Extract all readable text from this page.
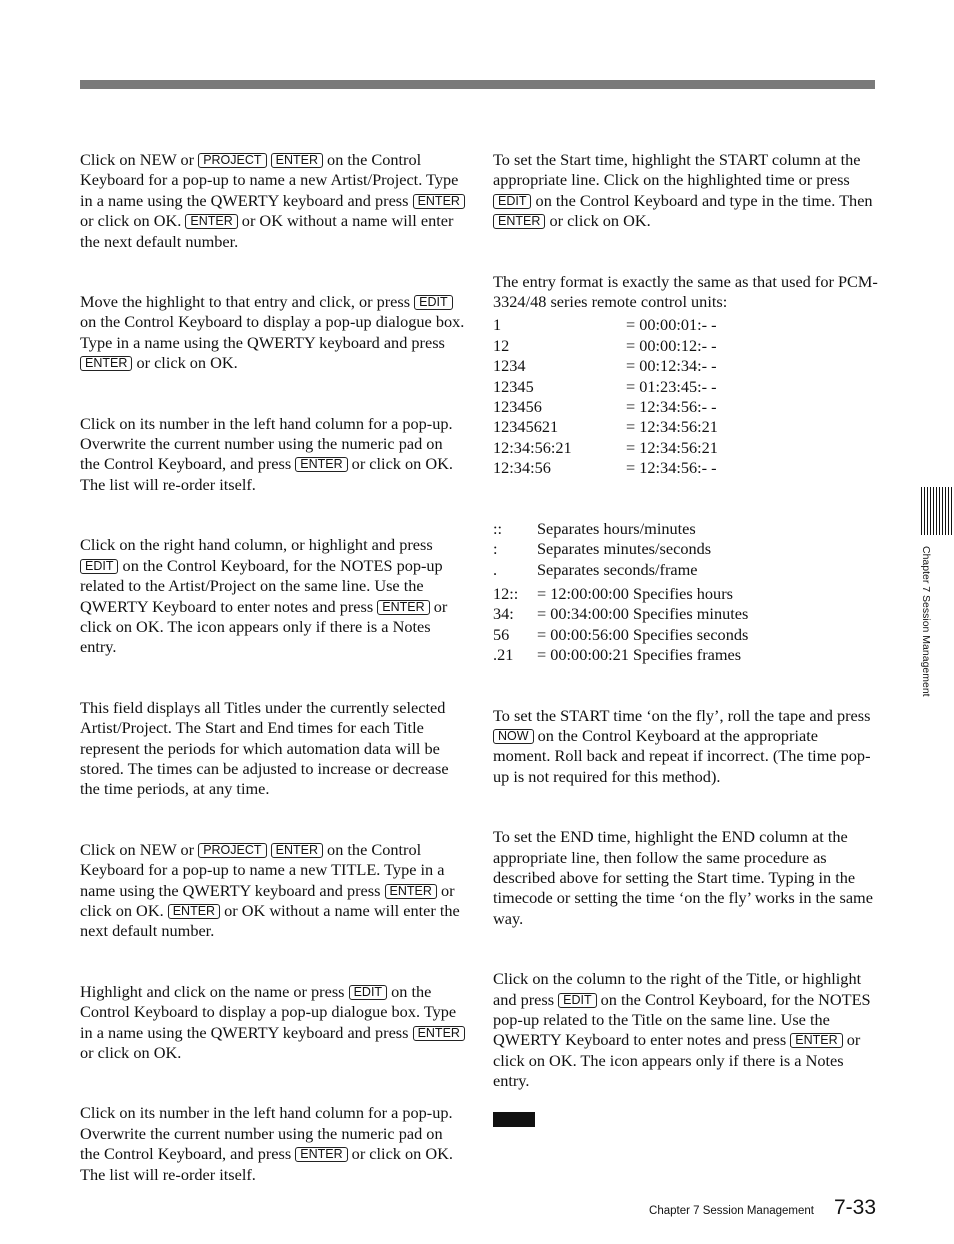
Click on NEW or PROJECT ENTER on the Control Keyboard for a pop-up to name a new Artist/Project. Type in a name using the QWERTY keyboard and press ENTER or click on OK. ENTER or OK without a name will enter the next default number.

Move the highlight to that entry and click, or press EDIT on the Control Keyboard to display a pop-up dialogue box. Type in a name using the QWERTY keyboard and press ENTER or click on OK.

Click on its number in the left hand column for a pop-up. Overwrite the current number using the numeric pad on the Control Keyboard, and press ENTER or click on OK. The list will re-order itself.

Click on the right hand column, or highlight and press EDIT on the Control Keyboard, for the NOTES pop-up related to the Artist/Project on the same line. Use the QWERTY Keyboard to enter notes and press ENTER or click on OK. The icon appears only if there is a Notes entry.

This field displays all Titles under the currently selected Artist/Project. The Start and End times for each Title represent the periods for which automation data will be stored. The times can be adjusted to increase or decrease the time periods, at any time.

Click on NEW or PROJECT ENTER on the Control Keyboard for a pop-up to name a new TITLE. Type in a name using the QWERTY keyboard and press ENTER or click on OK. ENTER or OK without a name will enter the next default number.

Highlight and click on the name or press EDIT on the Control Keyboard to display a pop-up dialogue box. Type in a name using the QWERTY keyboard and press ENTER or click on OK.

Click on its number in the left hand column for a pop-up. Overwrite the current number using the numeric pad on the Control Keyboard, and press ENTER or click on OK. The list will re-order itself.

To set the Start time, highlight the START column at the appropriate line. Click on the highlighted time or press EDIT on the Control Keyboard and type in the time. Then ENTER or click on OK.

The entry format is exactly the same as that used for PCM-3324/48 series remote control units:

1	= 00:00:01:- -
12	= 00:00:12:- -
1234	= 00:12:34:- -
12345	= 01:23:45:- -
123456	= 12:34:56:- -
12345621	= 12:34:56:21
12:34:56:21	= 12:34:56:21
12:34:56	= 12:34:56:- -
::	Separates hours/minutes
:	Separates minutes/seconds
.	Separates seconds/frame
12::	= 12:00:00:00 Specifies hours
34:	= 00:34:00:00 Specifies minutes
56	= 00:00:56:00 Specifies seconds
.21	= 00:00:00:21 Specifies frames

To set the START time ‘on the fly’, roll the tape and press NOW on the Control Keyboard at the appropriate moment. Roll back and repeat if incorrect. (The time pop-up is not required for this method).

To set the END time, highlight the END column at the appropriate line, then follow the same procedure as described above for setting the Start time. Typing in the timecode or setting the time ‘on the fly’ works in the same way.

Click on the column to the right of the Title, or highlight and press EDIT on the Control Keyboard, for the NOTES pop-up related to the Title on the same line. Use the QWERTY Keyboard to enter notes and press ENTER or click on OK. The icon appears only if there is a Notes entry.

Chapter 7 Session Management
Chapter 7 Session Management 7-33
